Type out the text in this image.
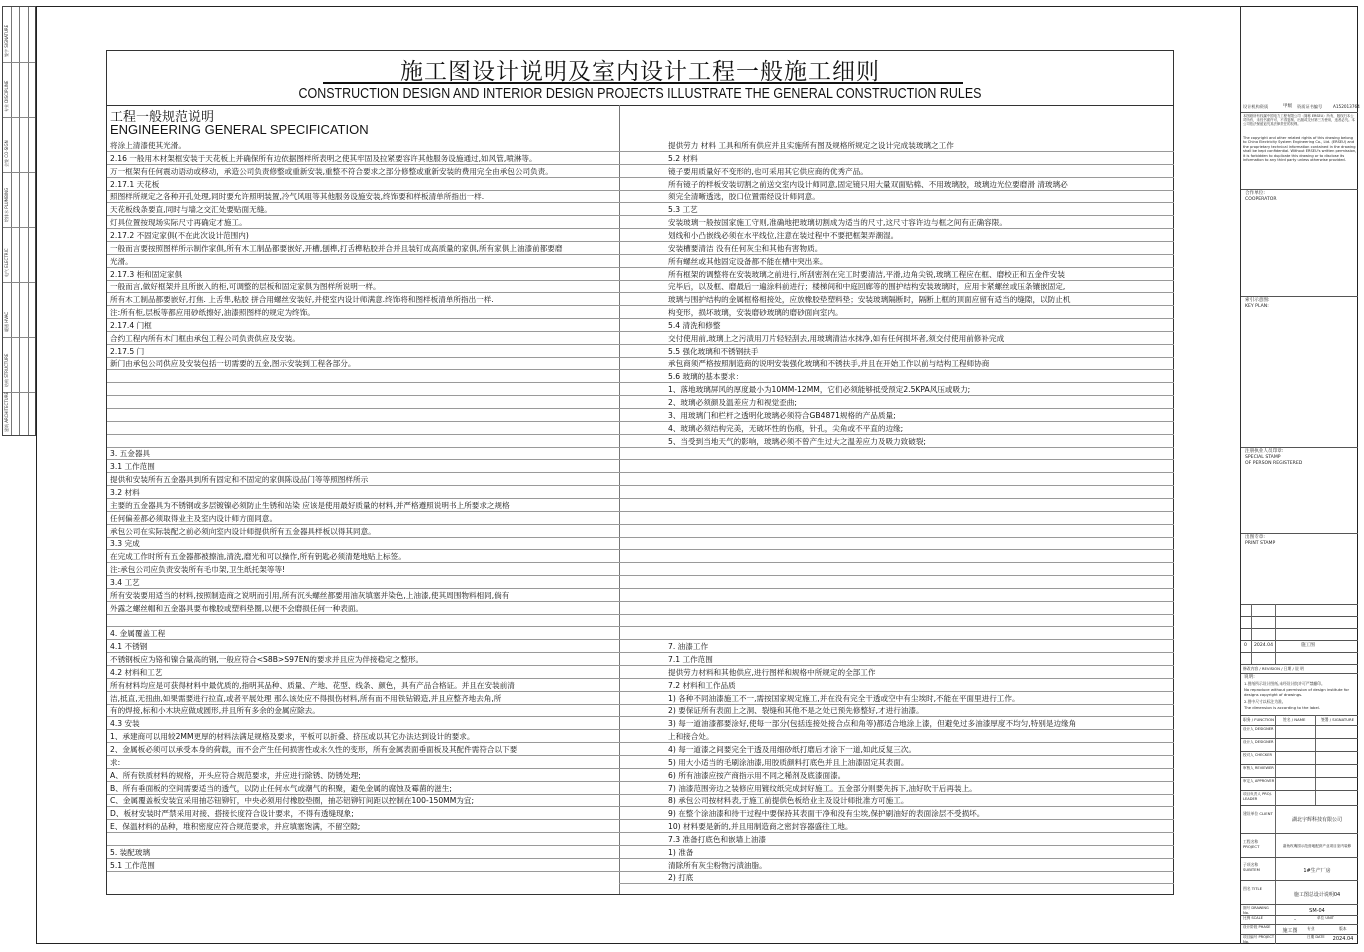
签字 SIGNATURE
专业 DISCIPLINE
会签 CO-SIGN
给排水 PLUMBING
电气 ELECTRIC
暖通 HVAC
结构 STRUCTURE
建筑 ARCHITECTURE
施工图设计说明及室内设计工程一般施工细则
CONSTRUCTION DESIGN AND INTERIOR DESIGN PROJECTS ILLUSTRATE THE GENERAL CONSTRUCTION RULES
工程一般规范说明
ENGINEERING GENERAL SPECIFICATION
将涂上清漆使其光滑。
2.16 一般用木材架框安装于天花板上并确保所有边依据图样所表明之使其牢固及拉紧要容许其他服务设施通过,如风管,喷淋等。
万一框架有任何震动语动或移动，承造公司负责修整或重新安装,重整不符合要求之部分修整或重新安装的费用完全由承包公司负责。
2.17.1 天花板
照图样所规定之各种开孔处理,同时要允许照明装置,冷气风咀等其他服务设施安装,终饰要和样板清单所指出一样.
天花板线条要直,同时与墙之交汇处要贴面无缝。
灯具位置按现场实际尺寸再确定才施工。
2.17.2 不固定家俱(不在此次设计范围内)
一般而言要按照图样所示制作家俱,所有木工制品都要嵌好,开槽,刨榫,打舌榫粘胶并合并且装钉成高质量的家俱,所有家俱上油漆前都要磨
光滑。
2.17.3 柜和固定家俱
一般而言,做好框架并且所嵌入的柜,可调整的层板和固定家俱为图样所说明一样。
所有木工制品都要嵌好,打焦. 上舌隼,粘胶 拼合用螺丝安装好,并使室内设计师满意.终饰将和图样板清单所指出一样.
注:所有柜,层板等都应用砂纸擦好,油漆照图样的规定为终饰。
2.17.4 门框
合约工程内所有木门框由承包工程公司负责供应及安装。
2.17.5 门
新门由承包公司供应及安装包括一切需要的五金,图示安装到工程各部分。
3. 五金器具
3.1 工作范围
提供和安装所有五金器具到所有固定和不固定的家俱陈设品门等等照图样所示
3.2 材料
主要的五金器具为不锈钢或多层镀镍必须防止生锈和站染 应该是使用最好质量的材料,并严格遵照说明书上所要求之规格
任何偏差都必须取得业主及室内设计师方面同意。
承包公司在实际装配之前必须向室内设计师提供所有五金器具样板以得其同意。
3.3 完成
在完成工作时所有五金器都被擦油,清洗,磨光和可以操作,所有钥匙必须清楚地贴上标签。
注:承包公司应负责安装所有毛巾架,卫生纸托架等等!
3.4 工艺
所有安装要用适当的材料,按照制造商之说明而引用,所有沉头螺丝都要用油灰填塞并染色,上油漆,使其周围物料相同,倘有
外露之螺丝帽和五金器具要布橡胶或塑料垫圈,以便不会磨损任何一种表面。
4. 金属覆盖工程
4.1 不锈钢
不锈钢板应为铬和镍合量高的钢,一般应符合<S8B>S97EN的要求并且应为伴接稳定之整形。
4.2 材料和工艺
所有材料均应是可获得材料中最优质的,指明其品种、质量、产地、花型、线条、颜色，具有产品合格证。并且在安装前清
洁,抵直,无扭曲,如果需要进行拉直,或者平展处理 那么该处应不得损伤材料,所有而不用铁钻锻造,并且应整齐地去角,所
有的焊接,标和小木块应做成圆形,并且所有多余的金属应除去。
4.3 安装
1、承建商可以用较2MM更厚的材料法满足规格及要求，平板可以折叠、挤压或以其它办法达到设计的要求。
2、金属板必须可以承受本身的荷载，而不会产生任何损害性或永久性的变形，所有金属表面垂面板及其配件需符合以下要
求:
A、所有铁质材料的规格，开头应符合规范要求，并应进行除锈、防锈处理;
B、所有垂面板的空间需要适当的透气，以防止任何水气或潮气的积聚，避免金属的腐蚀及霉菌的滋生;
C、金属覆盖板安装宜采用抽芯钮铆钉，中央必须用付橡胶垫圈，抽芯铝铆钉间距以控制在100-150MM为宜;
D、板材安装时严禁采用对接、搭接长度符合设计要求，不得有透缝现象;
E、保温材料的品种，堆积密度应符合规范要求，并应填塞饱满，不留空隙;
5. 装配玻璃
5.1 工作范围
提供劳力 材料 工具和所有供应并且实施所有图及规格所规定之设计完成装玻璃之工作
5.2 材料
镜子要用质量好不变形的,也可采用其它供应商的优秀产品。
所有镜子的样板安装切割之前送交室内设计师同意,固定镜只用大量双面贴棉、不用玻璃胶，玻璃边光位要磨滑 清玻璃必
须完全清晰透选，胶口位置需经设计师同意。
5.3 工艺
安装玻璃一般按国家施工守则,准确地把玻璃切割成为适当的尺寸,这尺寸容许边与框之间有正确容限。
划线和小凸嵌线必须在水平线位,注意在装过程中不要把框架弄潮湿。
安装槽要清洁 没有任何灰尘和其他有害物质。
所有螺丝或其他固定设备都不能在槽中突出来。
所有框架的调整将在安装玻璃之前进行,所刮密剂在完工时要清洁,平滑,边角尖锐,玻璃工程应在框、磨校正和五金件安装
完毕后，以及框、磨最后一遍涂料前进行；楼梯间和中庭回廊等的围护结构安装玻璃时，应用卡紧螺丝或压条镶嵌固定,
玻璃与围护结构的金属框格相接处，应放橡胶垫塑料垫；安装玻璃隔断时，隔断上框的顶面应留有适当的缝隙，以防止机
构变形，损坏玻璃，安装磨砂玻璃的磨砂面向室内。
5.4 清洗和修整
交付使用前,玻璃上之污渍用刀片轻轻刮去,用玻璃清洁水抹净,如有任何损坏者,须交付使用前修补完成
5.5 强化玻璃和不锈钢扶手
承包商须严格按照制造商的说明安装强化玻璃和不锈扶手,并且在开始工作以前与结构工程师协商
5.6 玻璃的基本要求：
1、落地玻璃屏风的厚度最小为10MM-12MM，它们必须能够抵受预定2.5KPA风压或吸力;
2、玻璃必须颜及温差应力和视觉歪曲;
3、用玻璃门和栏杆之透明化玻璃必须符合GB4871规格的产品质量;
4、玻璃必须结构完美，无破坏性的伤痕，针孔，尖角或不平直的边缘;
5、当受到当地天气的影响，玻璃必须不曾产生过大之温差应力及吸力致破裂;
7. 油漆工作
7.1 工作范围
提供劳力材料和其他供应,进行图样和规格中所规定的全部工作
7.2 材料和工作品质
1) 各种不同油漆施工不一,需按国家规定施工,并在没有完全干透或空中有尘埃时,不能在平面里进行工作。
2) 要保证所有表面上之洞、裂缝和其他不是之处已预先修整好,才进行油漆。
3) 每一道油漆都要涂好,使每一部分(包括连接处接合点和角等)都适合地涂上漆，但避免过多油漆厚度不均匀,特别是边缘角
上和接合处。
4) 每一道漆之间要完全干透及用细砂纸打磨后才涂下一道,如此反复三次。
5) 用大小适当的毛刷涂油漆,用胶质颜料打底色并且上油漆固定其表面。
6) 所有油漆应按产商指示用不同之稀剂及底漆面漆。
7) 油漆范围旁边之装修应用镀纹纸完成封好施工。五金部分则要先拆下,油好吹干后再装上。
8) 承包公司按材料表,于施工前提供色板给业主及设计师批准方可施工。
9) 在整个涂油漆和待干过程中要保持其表面干净和没有尘埃,保护刷油好的表面涂层不受损坏。
10) 材料要是新的,并且用制造商之密封容器盛往工地。
7.3 准备打底色和嵌墙上油漆
1) 准备
清除所有灰尘粉物污渍油脂。
2) 打底
设计机构资质	甲级 资质证书编号	A152013764
本图纸所有权属中国电力工程有限公司（简称 ERSEU）所有，版权归本公司所有，未经书面许可，不得复制、出版或交付第三方使用，违者必究。本公司依法保留追究其法律责任的权利。
The copyright and other related rights of this drawing belong to China Electricity System Engineering Co., Ltd. (ERSEU) and the proprietary technical information contained in the drawing shall be kept confidential. Without ERSEU's written permission, it is forbidden to duplicate this drawing or to disclose its information to any third party unless otherwise provided.
合作单位:
COOPERATOR
索引示意图:
KEY PLAN:
注册执业人员印章:
SPECIAL STAMP
OF PERSON REGISTERED
出图专章:
PRINT STAMP
0 2024.04	施工图
修改内容 / REVISION / 日期 / 说 明
说明:
1.图纸所示设计图纸,未经设计院许可严禁翻印。
No reproduce without permission of design institute for designs copyright of drawings.
2.图中尺寸以标注为准。
The dimension is according to the label.
职务 / FUNCTION 姓名 / NAME	签署 / SIGNATURE
设计人 DESIGNER
设计人 DESIGNER
校对人 CHECKER
审核人 REVIEWER
审定人 APPROVER
项目负责人 PROJ. LEADER
建设单位 CLIENT
湖北宇辉科技有限公司
工程名称 PROJECT	嘉鱼玫瑰园示范营地配套产业项目室内装修
子项名称 SUBITEM	1#生产厂房
图名 TITLE
施工图总设计说明04
图号 DRAWING No.	SM-04
比例 SCALE	-	单位 UNIT
设计阶段 PHASE
施工图	专业	版本
项目编号 PROJECT No.
日期 DATE	2024.04
